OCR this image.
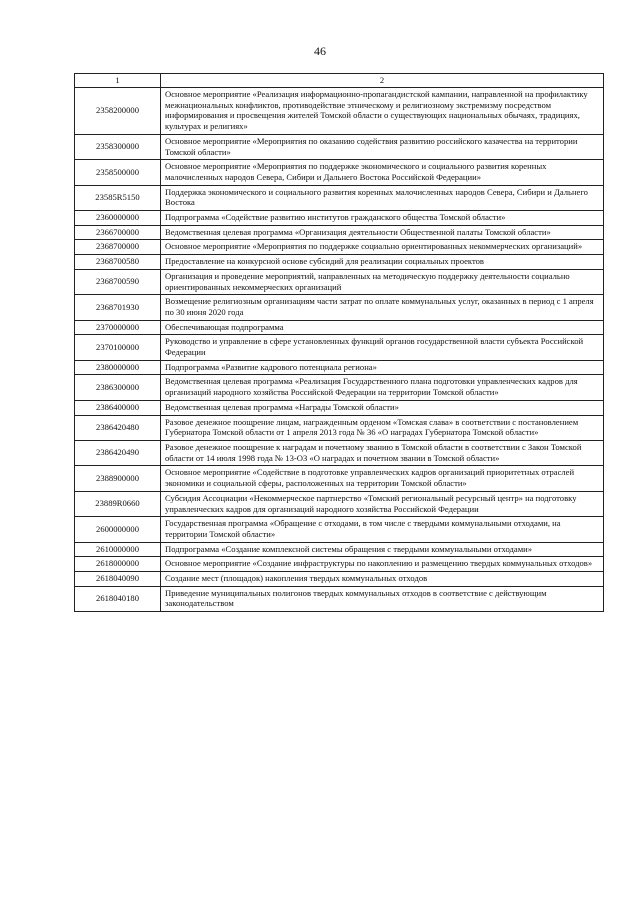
46
1	2
2358200000	Основное мероприятие «Реализация информационно-пропагандистской кампании, направленной на профилактику межнациональных конфликтов, противодействие этническому и религиозному экстремизму посредством информирования и просвещения жителей Томской области о существующих национальных обычаях, традициях, культурах и религиях»
2358300000	Основное мероприятие «Мероприятия по оказанию содействия развитию российского казачества на территории Томской области»
2358500000	Основное мероприятие «Мероприятия по поддержке экономического и социального развития коренных малочисленных народов Севера, Сибири и Дальнего Востока Российской Федерации»
23585R5150	Поддержка экономического и социального развития коренных малочисленных народов Севера, Сибири и Дальнего Востока
2360000000	Подпрограмма «Содействие развитию институтов гражданского общества Томской области»
2366700000	Ведомственная целевая программа «Организация деятельности Общественной палаты Томской области»
2368700000	Основное мероприятие «Мероприятия по поддержке социально ориентированных некоммерческих организаций»
2368700580	Предоставление на конкурсной основе субсидий для реализации социальных проектов
2368700590	Организация и проведение мероприятий, направленных на методическую поддержку деятельности социально ориентированных некоммерческих организаций
2368701930	Возмещение религиозным организациям части затрат по оплате коммунальных услуг, оказанных в период с 1 апреля по 30 июня 2020 года
2370000000	Обеспечивающая подпрограмма
2370100000	Руководство и управление в сфере установленных функций органов государственной власти субъекта Российской Федерации
2380000000	Подпрограмма «Развитие кадрового потенциала региона»
2386300000	Ведомственная целевая программа «Реализация Государственного плана подготовки управленческих кадров для организаций народного хозяйства Российской Федерации на территории Томской области»
2386400000	Ведомственная целевая программа «Награды Томской области»
2386420480	Разовое денежное поощрение лицам, награжденным орденом «Томская слава» в соответствии с постановлением Губернатора Томской области от 1 апреля 2013 года № 36 «О наградах Губернатора Томской области»
2386420490	Разовое денежное поощрение к наградам и почетному званию в Томской области в соответствии с Закон Томской области от 14 июля 1998 года № 13-ОЗ «О наградах и почетном звании в Томской области»
2388900000	Основное мероприятие «Содействие в подготовке управленческих кадров организаций приоритетных отраслей экономики и социальной сферы, расположенных на территории Томской области»
23889R0660	Субсидия Ассоциации «Некоммерческое партнерство «Томский региональный ресурсный центр» на подготовку управленческих кадров для организаций народного хозяйства Российской Федерации
2600000000	Государственная программа «Обращение с отходами, в том числе с твердыми коммунальными отходами, на территории Томской области»
2610000000	Подпрограмма «Создание комплексной системы обращения с твердыми коммунальными отходами»
2618000000	Основное мероприятие «Создание инфраструктуры по накоплению и размещению твердых коммунальных отходов»
2618040090	Создание мест (площадок) накопления твердых коммунальных отходов
2618040180	Приведение муниципальных полигонов твердых коммунальных отходов в соответствие с действующим законодательством
